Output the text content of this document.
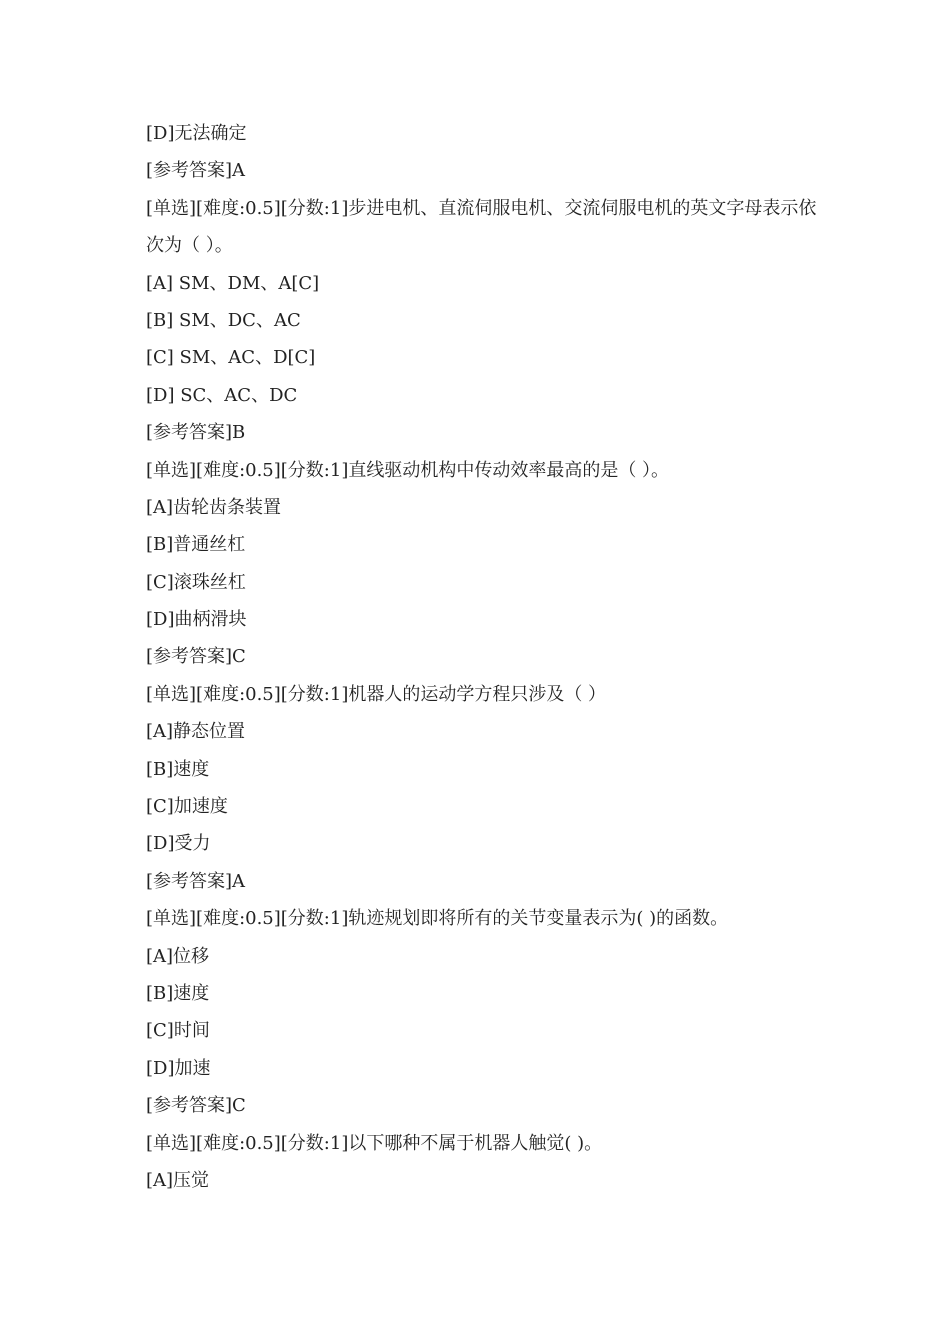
[D]无法确定
[参考答案]A
[单选][难度:0.5][分数:1]步进电机、直流伺服电机、交流伺服电机的英文字母表示依
次为（ ）。
[A] SM、DM、A[C]
[B] SM、DC、AC
[C] SM、AC、D[C]
[D] SC、AC、DC
[参考答案]B
[单选][难度:0.5][分数:1]直线驱动机构中传动效率最高的是（ ）。
[A]齿轮齿条装置
[B]普通丝杠
[C]滚珠丝杠
[D]曲柄滑块
[参考答案]C
[单选][难度:0.5][分数:1]机器人的运动学方程只涉及（ ）
[A]静态位置
[B]速度
[C]加速度
[D]受力
[参考答案]A
[单选][难度:0.5][分数:1]轨迹规划即将所有的关节变量表示为( )的函数。
[A]位移
[B]速度
[C]时间
[D]加速
[参考答案]C
[单选][难度:0.5][分数:1]以下哪种不属于机器人触觉( )。
[A]压觉
